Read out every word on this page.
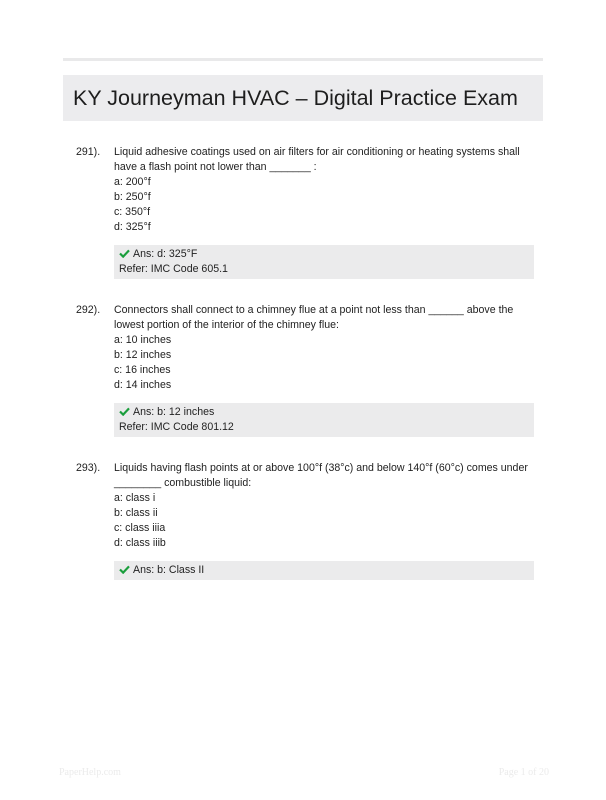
KY Journeyman HVAC – Digital Practice Exam
291). Liquid adhesive coatings used on air filters for air conditioning or heating systems shall have a flash point not lower than _______ :
a: 200°f
b: 250°f
c: 350°f
d: 325°f
Ans: d: 325°F
Refer: IMC Code 605.1
292). Connectors shall connect to a chimney flue at a point not less than ______ above the lowest portion of the interior of the chimney flue:
a: 10 inches
b: 12 inches
c: 16 inches
d: 14 inches
Ans: b: 12 inches
Refer: IMC Code 801.12
293). Liquids having flash points at or above 100°f (38°c) and below 140°f (60°c) comes under ________ combustible liquid:
a: class i
b: class ii
c: class iiia
d: class iiib
Ans: b: Class II
PaperHelp.com	Page 1 of 20
